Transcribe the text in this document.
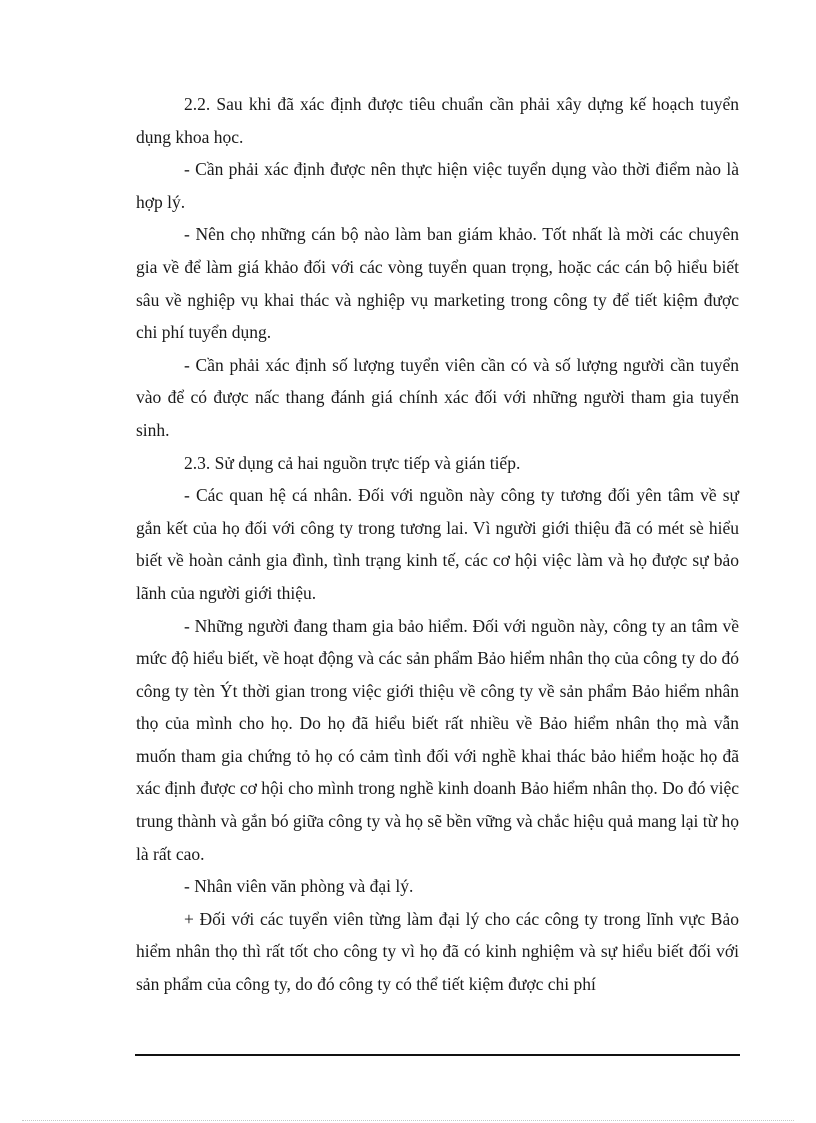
2.2. Sau khi đã xác định được tiêu chuẩn cần phải xây dựng kế hoạch tuyển dụng khoa học.

- Cần phải xác định được nên thực hiện việc tuyển dụng vào thời điểm nào là hợp lý.

- Nên chọ những cán bộ nào làm ban giám khảo. Tốt nhất là mời các chuyên gia về để làm giá khảo đối với các vòng tuyển quan trọng, hoặc các cán bộ hiểu biết sâu về nghiệp vụ khai thác và nghiệp vụ marketing trong công ty để tiết kiệm được chi phí tuyển dụng.

- Cần phải xác định số lượng tuyển viên cần có và số lượng người cần tuyển vào để có được nấc thang đánh giá chính xác đối với những người tham gia tuyển sinh.

2.3. Sử dụng cả hai nguồn trực tiếp và gián tiếp.

- Các quan hệ cá nhân. Đối với nguồn này công ty tương đối yên tâm về sự gắn kết của họ đối với công ty trong tương lai. Vì người giới thiệu đã có mét sè hiểu biết về hoàn cảnh gia đình, tình trạng kinh tế, các cơ hội việc làm và họ được sự bảo lãnh của người giới thiệu.

- Những người đang tham gia bảo hiểm. Đối với nguồn này, công ty an tâm về mức độ hiểu biết, về hoạt động và các sản phẩm Bảo hiểm nhân thọ của công ty do đó công ty tèn Ýt thời gian trong việc giới thiệu về công ty về sản phẩm Bảo hiểm nhân thọ của mình cho họ. Do họ đã hiểu biết rất nhiều về Bảo hiểm nhân thọ mà vẫn muốn tham gia chứng tỏ họ có cảm tình đối với nghề khai thác bảo hiểm hoặc họ đã xác định được cơ hội cho mình trong nghề kinh doanh Bảo hiểm nhân thọ. Do đó việc trung thành và gắn bó giữa công ty và họ sẽ bền vững và chắc hiệu quả mang lại từ họ là rất cao.

- Nhân viên văn phòng và đại lý.

+ Đối với các tuyển viên từng làm đại lý cho các công ty trong lĩnh vực Bảo hiểm nhân thọ thì rất tốt cho công ty vì họ đã có kinh nghiệm và sự hiểu biết đối với sản phẩm của công ty, do đó công ty có thể tiết kiệm được chi phí
